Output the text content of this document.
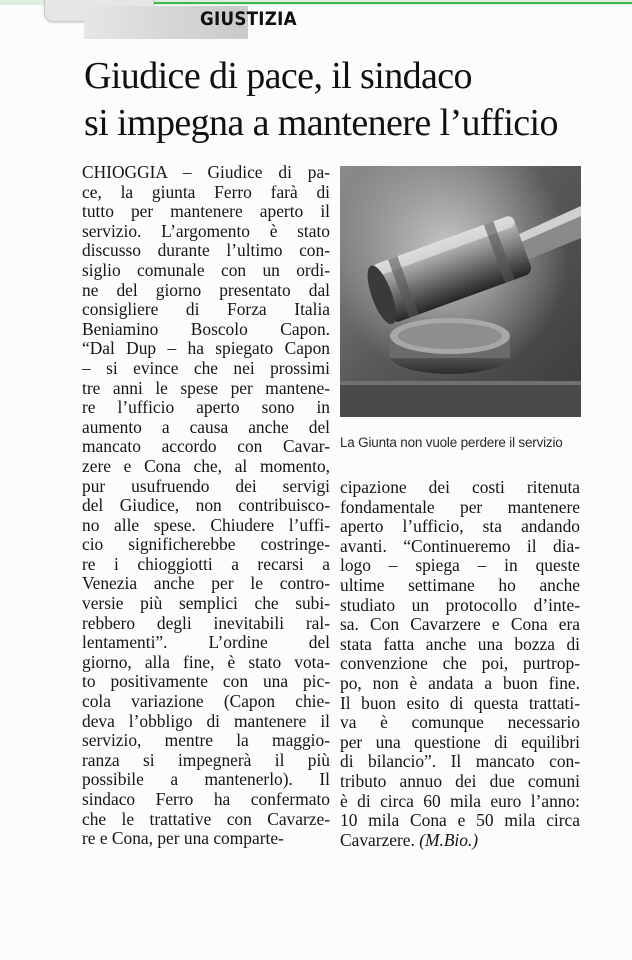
GIUSTIZIA
Giudice di pace, il sindaco
si impegna a mantenere l’ufficio
CHIOGGIA – Giudice di pa-
ce, la giunta Ferro farà di
tutto per mantenere aperto il
servizio. L’argomento è stato
discusso durante l’ultimo con-
siglio comunale con un ordi-
ne del giorno presentato dal
consigliere di Forza Italia
Beniamino Boscolo Capon.
“Dal Dup – ha spiegato Capon
– si evince che nei prossimi
tre anni le spese per mantene-
re l’ufficio aperto sono in
aumento a causa anche del
mancato accordo con Cavar-
zere e Cona che, al momento,
pur usufruendo dei servigi
del Giudice, non contribuisco-
no alle spese. Chiudere l’uffi-
cio significherebbe costringe-
re i chioggiotti a recarsi a
Venezia anche per le contro-
versie più semplici che subi-
rebbero degli inevitabili ral-
lentamenti”. L’ordine del
giorno, alla fine, è stato vota-
to positivamente con una pic-
cola variazione (Capon chie-
deva l’obbligo di mantenere il
servizio, mentre la maggio-
ranza si impegnerà il più
possibile a mantenerlo). Il
sindaco Ferro ha confermato
che le trattative con Cavarze-
re e Cona, per una comparte-
La Giunta non vuole perdere il servizio
cipazione dei costi ritenuta
fondamentale per mantenere
aperto l’ufficio, sta andando
avanti. “Continueremo il dia-
logo – spiega – in queste
ultime settimane ho anche
studiato un protocollo d’inte-
sa. Con Cavarzere e Cona era
stata fatta anche una bozza di
convenzione che poi, purtrop-
po, non è andata a buon fine.
Il buon esito di questa trattati-
va è comunque necessario
per una questione di equilibri
di bilancio”. Il mancato con-
tributo annuo dei due comuni
è di circa 60 mila euro l’anno:
10 mila Cona e 50 mila circa
Cavarzere. (M.Bio.)
